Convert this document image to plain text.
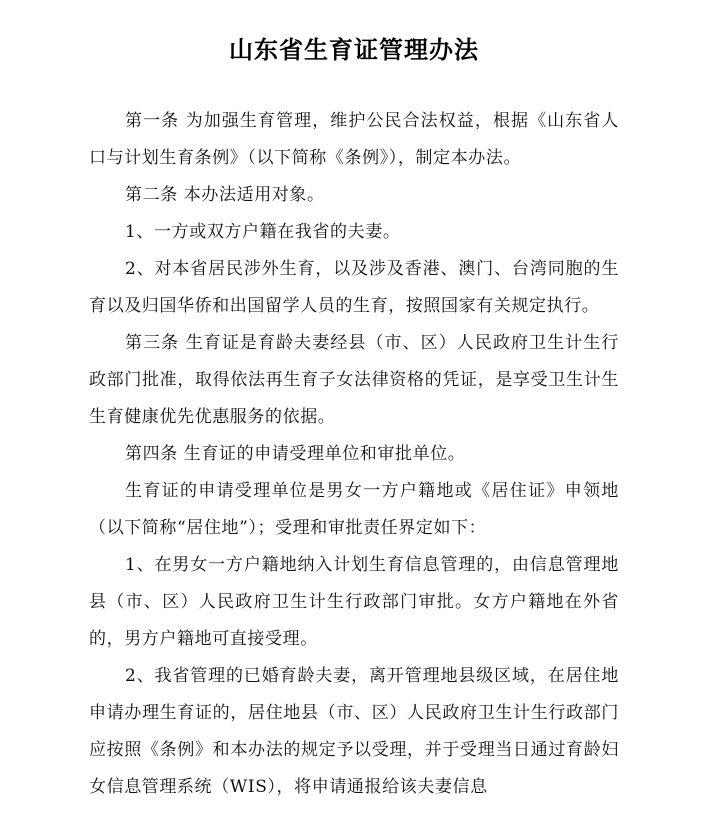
山东省生育证管理办法

第一条 为加强生育管理，维护公民合法权益，根据《山东省人口与计划生育条例》（以下简称《条例》），制定本办法。

第二条 本办法适用对象。

1、一方或双方户籍在我省的夫妻。

2、对本省居民涉外生育，以及涉及香港、澳门、台湾同胞的生育以及归国华侨和出国留学人员的生育，按照国家有关规定执行。

第三条 生育证是育龄夫妻经县（市、区）人民政府卫生计生行政部门批准，取得依法再生育子女法律资格的凭证，是享受卫生计生生育健康优先优惠服务的依据。

第四条 生育证的申请受理单位和审批单位。

生育证的申请受理单位是男女一方户籍地或《居住证》申领地（以下简称“居住地”）；受理和审批责任界定如下：

1、在男女一方户籍地纳入计划生育信息管理的，由信息管理地县（市、区）人民政府卫生计生行政部门审批。女方户籍地在外省的，男方户籍地可直接受理。

2、我省管理的已婚育龄夫妻，离开管理地县级区域，在居住地申请办理生育证的，居住地县（市、区）人民政府卫生计生行政部门应按照《条例》和本办法的规定予以受理，并于受理当日通过育龄妇女信息管理系统（WIS），将申请通报给该夫妻信息
